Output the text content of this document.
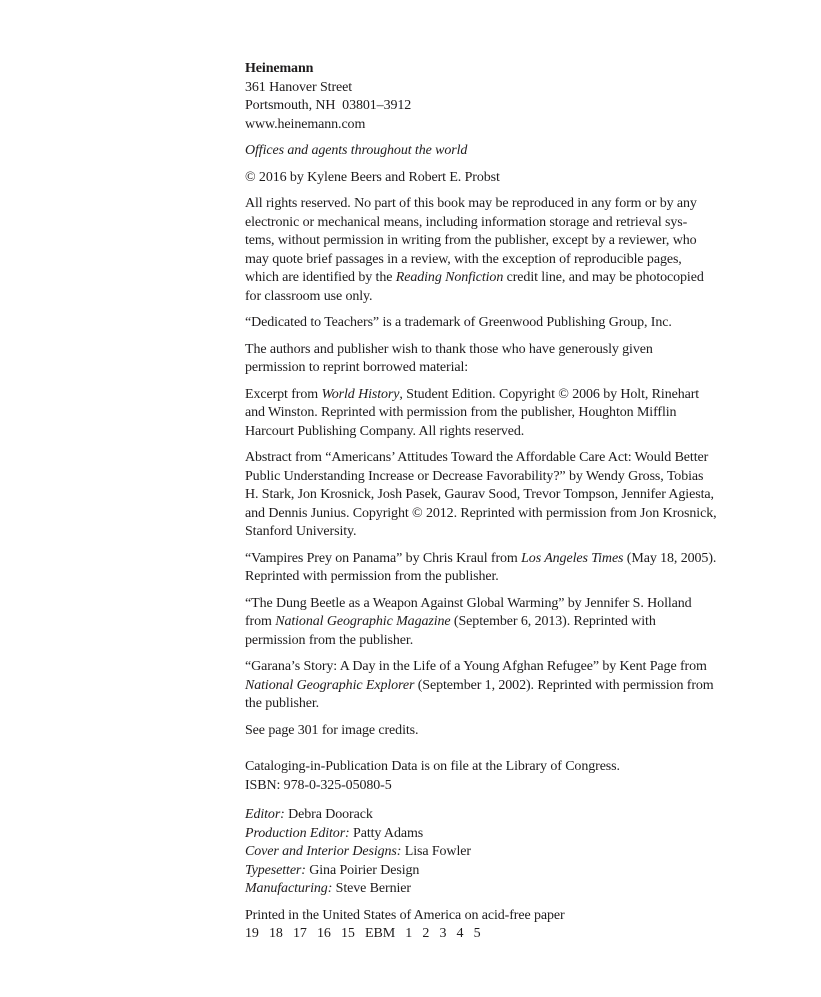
Heinemann
361 Hanover Street
Portsmouth, NH  03801–3912
www.heinemann.com
Offices and agents throughout the world
© 2016 by Kylene Beers and Robert E. Probst
All rights reserved. No part of this book may be reproduced in any form or by any
electronic or mechanical means, including information storage and retrieval sys-
tems, without permission in writing from the publisher, except by a reviewer, who
may quote brief passages in a review, with the exception of reproducible pages,
which are identified by the Reading Nonfiction credit line, and may be photocopied
for classroom use only.
“Dedicated to Teachers” is a trademark of Greenwood Publishing Group, Inc.
The authors and publisher wish to thank those who have generously given
permission to reprint borrowed material:
Excerpt from World History, Student Edition. Copyright © 2006 by Holt, Rinehart
and Winston. Reprinted with permission from the publisher, Houghton Mifflin
Harcourt Publishing Company. All rights reserved.
Abstract from “Americans’ Attitudes Toward the Affordable Care Act: Would Better
Public Understanding Increase or Decrease Favorability?” by Wendy Gross, Tobias
H. Stark, Jon Krosnick, Josh Pasek, Gaurav Sood, Trevor Tompson, Jennifer Agiesta,
and Dennis Junius. Copyright © 2012. Reprinted with permission from Jon Krosnick,
Stanford University.
“Vampires Prey on Panama” by Chris Kraul from Los Angeles Times (May 18, 2005).
Reprinted with permission from the publisher.
“The Dung Beetle as a Weapon Against Global Warming” by Jennifer S. Holland
from National Geographic Magazine (September 6, 2013). Reprinted with
permission from the publisher.
“Garana’s Story: A Day in the Life of a Young Afghan Refugee” by Kent Page from
National Geographic Explorer (September 1, 2002). Reprinted with permission from
the publisher.
See page 301 for image credits.
Cataloging-in-Publication Data is on file at the Library of Congress.
ISBN: 978-0-325-05080-5
Editor: Debra Doorack
Production Editor: Patty Adams
Cover and Interior Designs: Lisa Fowler
Typesetter: Gina Poirier Design
Manufacturing: Steve Bernier
Printed in the United States of America on acid-free paper
19   18   17   16   15   EBM   1   2   3   4   5
